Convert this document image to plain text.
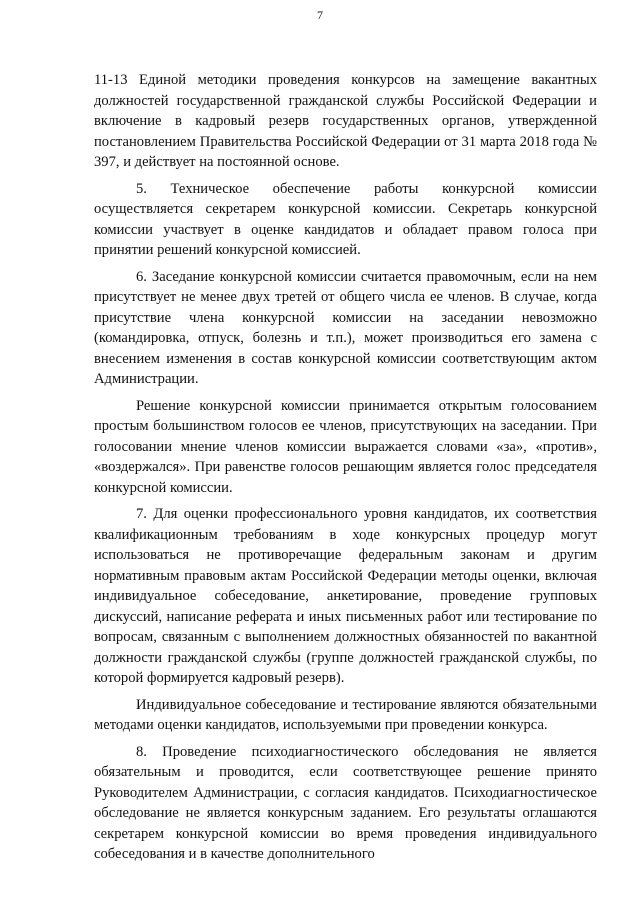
7

11-13 Единой методики проведения конкурсов на замещение вакантных должностей государственной гражданской службы Российской Федерации и включение в кадровый резерв государственных органов, утвержденной постановлением Правительства Российской Федерации от 31 марта 2018 года № 397, и действует на постоянной основе.

5. Техническое обеспечение работы конкурсной комиссии осуществляется секретарем конкурсной комиссии. Секретарь конкурсной комиссии участвует в оценке кандидатов и обладает правом голоса при принятии решений конкурсной комиссией.

6. Заседание конкурсной комиссии считается правомочным, если на нем присутствует не менее двух третей от общего числа ее членов. В случае, когда присутствие члена конкурсной комиссии на заседании невозможно (командировка, отпуск, болезнь и т.п.), может производиться его замена с внесением изменения в состав конкурсной комиссии соответствующим актом Администрации.

Решение конкурсной комиссии принимается открытым голосованием простым большинством голосов ее членов, присутствующих на заседании. При голосовании мнение членов комиссии выражается словами «за», «против», «воздержался». При равенстве голосов решающим является голос председателя конкурсной комиссии.

7. Для оценки профессионального уровня кандидатов, их соответствия квалификационным требованиям в ходе конкурсных процедур могут использоваться не противоречащие федеральным законам и другим нормативным правовым актам Российской Федерации методы оценки, включая индивидуальное собеседование, анкетирование, проведение групповых дискуссий, написание реферата и иных письменных работ или тестирование по вопросам, связанным с выполнением должностных обязанностей по вакантной должности гражданской службы (группе должностей гражданской службы, по которой формируется кадровый резерв).

Индивидуальное собеседование и тестирование являются обязательными методами оценки кандидатов, используемыми при проведении конкурса.

8. Проведение психодиагностического обследования не является обязательным и проводится, если соответствующее решение принято Руководителем Администрации, с согласия кандидатов. Психодиагностическое обследование не является конкурсным заданием. Его результаты оглашаются секретарем конкурсной комиссии во время проведения индивидуального собеседования и в качестве дополнительного
